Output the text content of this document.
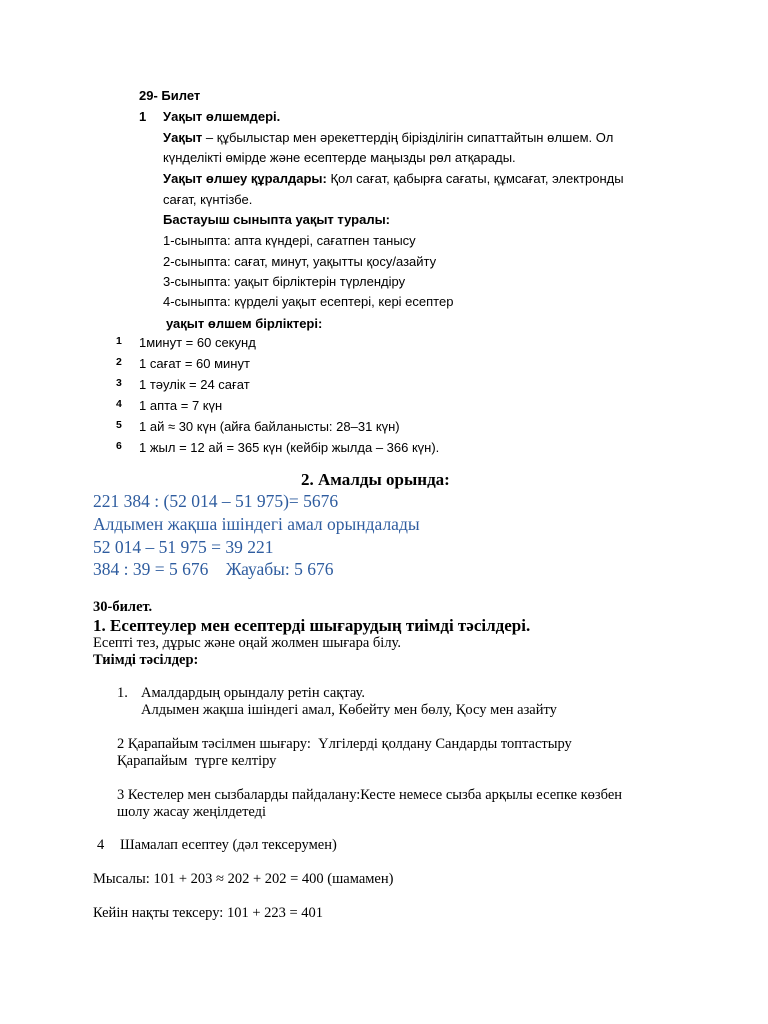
29- Билет
1 Уақыт өлшемдері.
Уақыт – құбылыстар мен әрекеттердің бірізділігін сипаттайтын өлшем. Ол
күнделікті өмірде және есептерде маңызды рөл атқарады.
Уақыт өлшеу құралдары: Қол сағат, қабырға сағаты, құмсағат, электронды
сағат, күнтізбе.
Бастауыш сыныпта уақыт туралы:
1-сыныпта: апта күндері, сағатпен танысу
2-сыныпта: сағат, минут, уақытты қосу/азайту
3-сыныпта: уақыт бірліктерін түрлендіру
4-сыныпта: күрделі уақыт есептері, кері есептер
уақыт өлшем бірліктері:
1 1минут = 60 секунд
2 1 сағат = 60 минут
3 1 тәулік = 24 сағат
4 1 апта = 7 күн
5 1 ай ≈ 30 күн (айға байланысты: 28–31 күн)
6 1 жыл = 12 ай = 365 күн (кейбір жылда – 366 күн).
2. Амалды орында:
221 384 : (52 014 – 51 975)= 5676
Алдымен жақша ішіндегі амал орындалады
52 014 – 51 975 = 39 221
384 : 39 = 5 676    Жауабы: 5 676
30-билет.
1. Есептеулер мен есептерді шығарудың тиімді тәсілдері.
Есепті тез, дұрыс және оңай жолмен шығара білу.
Тиімді тәсілдер:
1. Амалдардың орындалу ретін сақтау.
Алдымен жақша ішіндегі амал, Көбейту мен бөлу, Қосу мен азайту
2 Қарапайым тәсілмен шығару:  Үлгілерді қолдану Сандарды топтастыру
Қарапайым  түрге келтіру
3 Кестелер мен сызбаларды пайдалану:Кесте немесе сызба арқылы есепке көзбен
шолу жасау жеңілдетеді
4 Шамалап есептеу (дәл тексерумен)
Мысалы: 101 + 203 ≈ 202 + 202 = 400 (шамамен)
Кейін нақты тексеру: 101 + 223 = 401
